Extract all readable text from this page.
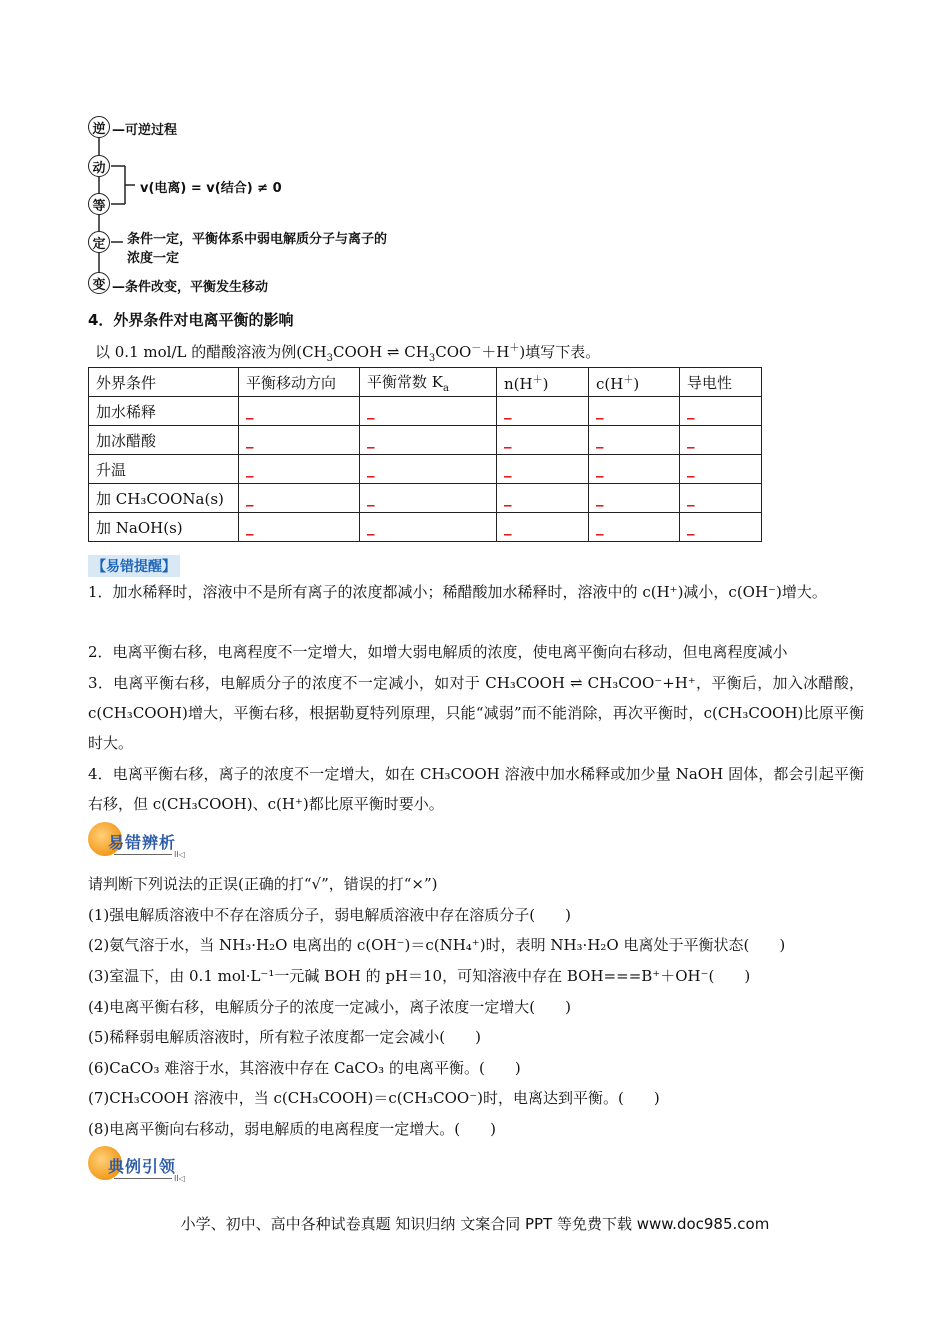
逆 —可逆过程
动
等
v(电离) = v(结合) ≠ 0
定	条件一定，平衡体系中弱电解质分子与离子的
浓度一定
变 —条件改变，平衡发生移动
4．外界条件对电离平衡的影响
以 0.1 mol/L 的醋酸溶液为例($CH_3COOH$ ⇌ $CH_3COO^-+H^+$)填写下表。
外界条件	平衡移动方向	平衡常数 $K_a$	n(H＋)	c(H＋)	导电性
加水稀释	_	_	_	_	_
加冰醋酸	_	_	_	_	_
升温	_	_	_	_	_
加 CH₃COONa(s)	_	_	_	_	_
加 NaOH(s)	_	_	_	_	_
【易错提醒】
1．加水稀释时，溶液中不是所有离子的浓度都减小；稀醋酸加水稀释时，溶液中的 c(H⁺)减小，c(OH⁻)增大。
2．电离平衡右移，电离程度不一定增大，如增大弱电解质的浓度，使电离平衡向右移动，但电离程度减小
3．电离平衡右移，电解质分子的浓度不一定减小，如对于 CH₃COOH ⇌ CH₃COO⁻+H⁺，平衡后，加入冰醋酸，c(CH₃COOH)增大，平衡右移，根据勒夏特列原理，只能“减弱”而不能消除，再次平衡时，c(CH₃COOH)比原平衡时大。
4．电离平衡右移，离子的浓度不一定增大，如在 CH₃COOH 溶液中加水稀释或加少量 NaOH 固体，都会引起平衡右移，但 c(CH₃COOH)、c(H⁺)都比原平衡时要小。
易错辨析
II◁
请判断下列说法的正误(正确的打“√”，错误的打“×”)
(1)强电解质溶液中不存在溶质分子，弱电解质溶液中存在溶质分子(　　)
(2)氨气溶于水，当 NH₃·H₂O 电离出的 c(OH⁻)＝c(NH₄⁺)时，表明 NH₃·H₂O 电离处于平衡状态(　　)
(3)室温下，由 0.1 mol·L⁻¹一元碱 BOH 的 pH＝10，可知溶液中存在 BOH===B⁺＋OH⁻(　　)
(4)电离平衡右移，电解质分子的浓度一定减小，离子浓度一定增大(　　)
(5)稀释弱电解质溶液时，所有粒子浓度都一定会减小(　　)
(6)CaCO₃ 难溶于水，其溶液中存在 CaCO₃ 的电离平衡。(　　)
(7)CH₃COOH 溶液中，当 c(CH₃COOH)＝c(CH₃COO⁻)时，电离达到平衡。(　　)
(8)电离平衡向右移动，弱电解质的电离程度一定增大。(　　)
典例引领
II◁
小学、初中、高中各种试卷真题 知识归纳 文案合同 PPT 等免费下载 www.doc985.com
